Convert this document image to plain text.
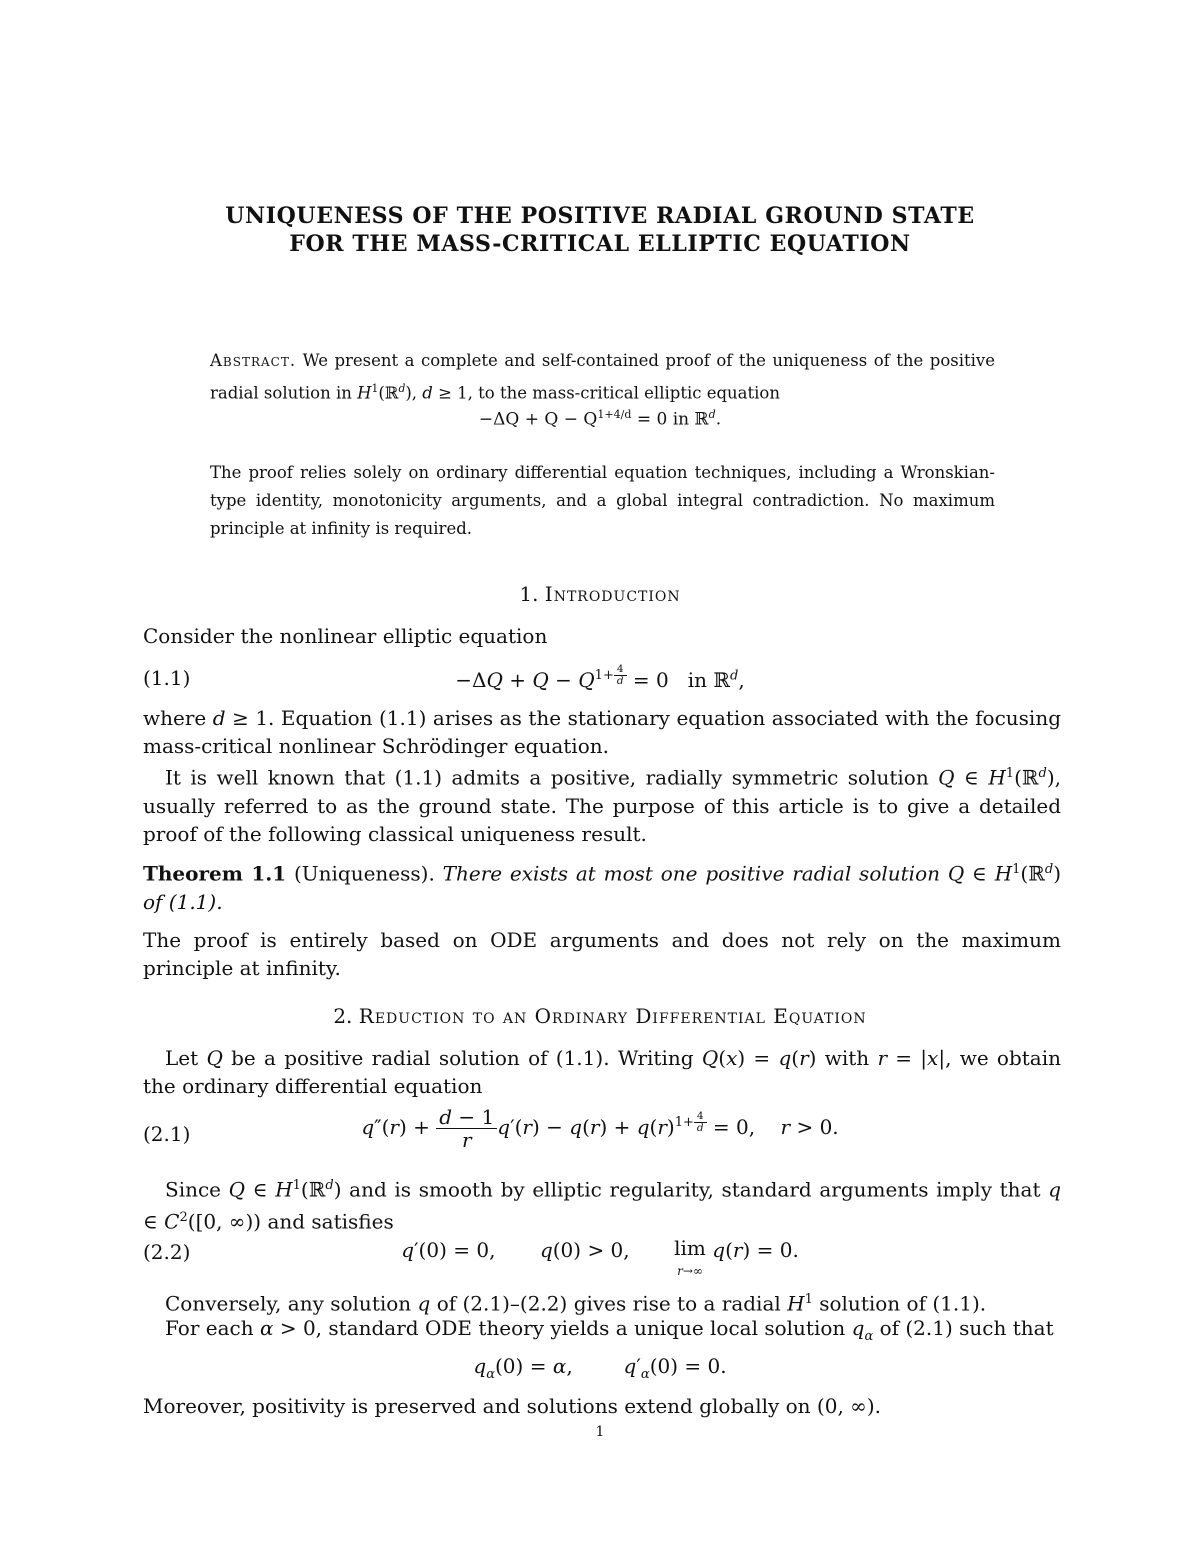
UNIQUENESS OF THE POSITIVE RADIAL GROUND STATE
FOR THE MASS-CRITICAL ELLIPTIC EQUATION
Abstract. We present a complete and self-contained proof of the uniqueness of the positive radial solution in $H^1(ℝ^d)$, d ≥ 1, to the mass-critical elliptic equation
$-\Delta Q + Q - Q^{1+4/d} = 0$ in ℝ$^d$.
The proof relies solely on ordinary differential equation techniques, including a Wronskian-type identity, monotonicity arguments, and a global integral contradiction. No maximum principle at infinity is required.
1. Introduction
Consider the nonlinear elliptic equation
(1.1)	$-\Delta Q + Q - Q^{1+ \frac{4}{d}} = 0$   in ℝ$^d$,
where d ≥ 1. Equation (1.1) arises as the stationary equation associated with the focusing mass-critical nonlinear Schrödinger equation.
It is well known that (1.1) admits a positive, radially symmetric solution Q ∈ $H^1(ℝ^d)$, usually referred to as the ground state. The purpose of this article is to give a detailed proof of the following classical uniqueness result.
Theorem 1.1 (Uniqueness). There exists at most one positive radial solution Q ∈ $H^1(ℝ^d)$ of (1.1).
The proof is entirely based on ODE arguments and does not rely on the maximum principle at infinity.
2. Reduction to an Ordinary Differential Equation
Let Q be a positive radial solution of (1.1). Writing Q(x) = q(r) with r = |x|, we obtain the ordinary differential equation
(2.1)	$q''(r) + \frac{d - 1}{r} q'(r) - q(r) + q(r)^{1+ \frac{4}{d}} = 0$,    r > 0.
Since Q ∈ $H^1(ℝ^d)$ and is smooth by elliptic regularity, standard arguments imply that q ∈ $C^2([0$, ∞)) and satisfies
(2.2)	q′(0) = 0,       q(0) > 0,       lim
r→∞ q(r) = 0.
Conversely, any solution q of (2.1)–(2.2) gives rise to a radial $H^1$ solution of (1.1).
For each α > 0, standard ODE theory yields a unique local solution $q_\alpha$ of (2.1) such that
$q_\alpha(0) = \alpha$,        $q'_\alpha(0) = 0$.
Moreover, positivity is preserved and solutions extend globally on (0, ∞).
1
